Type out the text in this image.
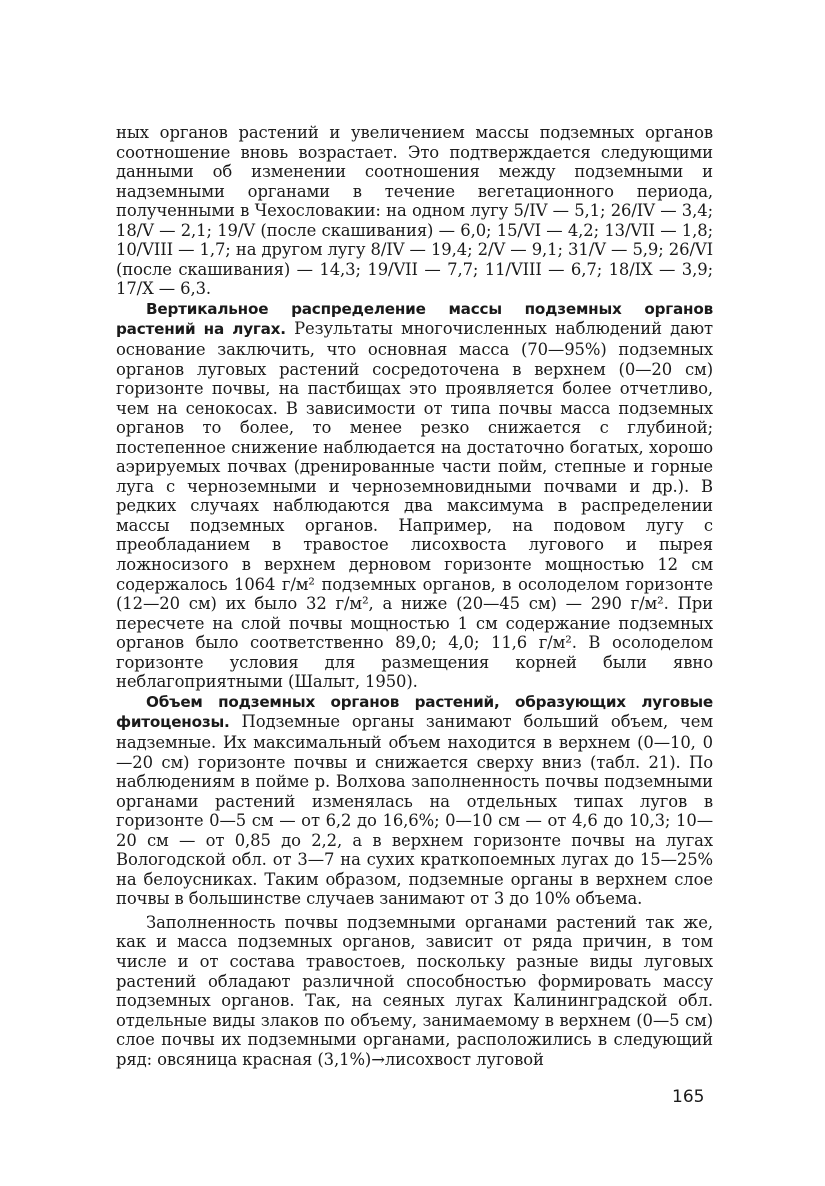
ных органов растений и увеличением массы подземных органов соотношение вновь возрастает. Это подтверждается следующими данными об изменении соотношения между подземными и надземными органами в течение вегетационного периода, полученными в Чехословакии: на одном лугу 5/IV — 5,1; 26/IV — 3,4; 18/V — 2,1; 19/V (после скашивания) — 6,0; 15/VI — 4,2; 13/VII — 1,8; 10/VIII — 1,7; на другом лугу 8/IV — 19,4; 2/V — 9,1; 31/V — 5,9; 26/VI (после скашивания) — 14,3; 19/VII — 7,7; 11/VIII — 6,7; 18/IX — 3,9; 17/X — 6,3.

Вертикальное распределение массы подземных органов растений на лугах. Результаты многочисленных наблюдений дают основание заключить, что основная масса (70—95%) подземных органов луговых растений сосредоточена в верхнем (0—20 см) горизонте почвы, на пастбищах это проявляется более отчетливо, чем на сенокосах. В зависимости от типа почвы масса подземных органов то более, то менее резко снижается с глубиной; постепенное снижение наблюдается на достаточно богатых, хорошо аэрируемых почвах (дренированные части пойм, степные и горные луга с черноземными и черноземновидными почвами и др.). В редких случаях наблюдаются два максимума в распределении массы подземных органов. Например, на подовом лугу с преобладанием в травостое лисохвоста лугового и пырея ложносизого в верхнем дерновом горизонте мощностью 12 см содержалось 1064 г/м² подземных органов, в осолоделом горизонте (12—20 см) их было 32 г/м², а ниже (20—45 см) — 290 г/м². При пересчете на слой почвы мощностью 1 см содержание подземных органов было соответственно 89,0; 4,0; 11,6 г/м². В осолоделом горизонте условия для размещения корней были явно неблагоприятными (Шалыт, 1950).

Объем подземных органов растений, образующих луговые фитоценозы. Подземные органы занимают больший объем, чем надземные. Их максимальный объем находится в верхнем (0—10, 0—20 см) горизонте почвы и снижается сверху вниз (табл. 21). По наблюдениям в пойме р. Волхова заполненность почвы подземными органами растений изменялась на отдельных типах лугов в горизонте 0—5 см — от 6,2 до 16,6%; 0—10 см — от 4,6 до 10,3; 10—20 см — от 0,85 до 2,2, а в верхнем горизонте почвы на лугах Вологодской обл. от 3—7 на сухих краткопоемных лугах до 15—25% на белоусниках. Таким образом, подземные органы в верхнем слое почвы в большинстве случаев занимают от 3 до 10% объема.

Заполненность почвы подземными органами растений так же, как и масса подземных органов, зависит от ряда причин, в том числе и от состава травостоев, поскольку разные виды луговых растений обладают различной способностью формировать массу подземных органов. Так, на сеяных лугах Калининградской обл. отдельные виды злаков по объему, занимаемому в верхнем (0—5 см) слое почвы их подземными органами, расположились в следующий ряд: овсяница красная (3,1%)→лисохвост луговой

165
